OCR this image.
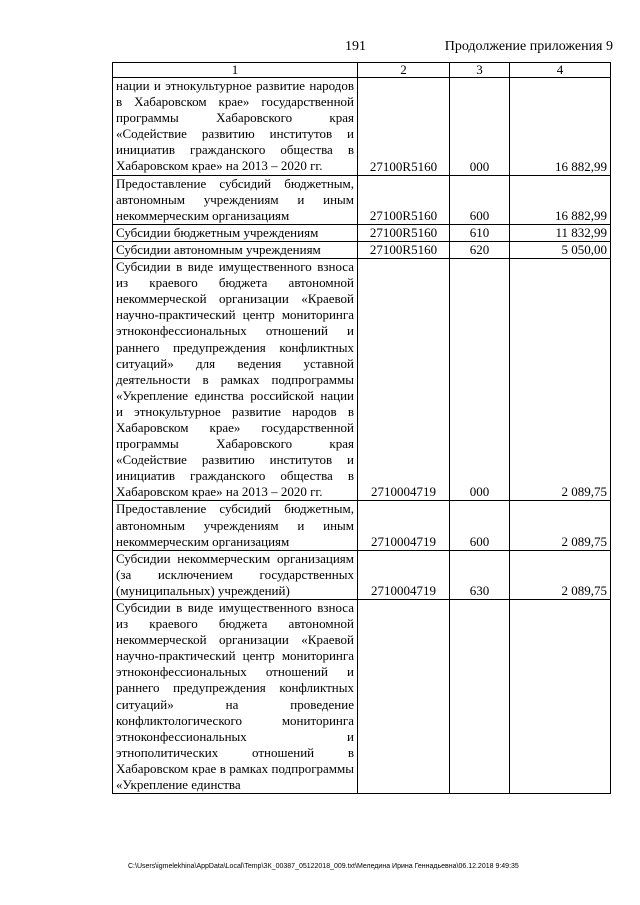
191	Продолжение приложения 9
1	2	3	4
нации и этнокультурное развитие народов в Хабаровском крае» государственной программы Хабаровского края «Содействие развитию институтов и инициатив гражданского общества в Хабаровском крае» на 2013 – 2020 гг.	27100R5160	000	16 882,99
Предоставление субсидий бюджетным, автономным учреждениям и иным некоммерческим организациям	27100R5160	600	16 882,99
Субсидии бюджетным учреждениям	27100R5160	610	11 832,99
Субсидии автономным учреждениям	27100R5160	620	5 050,00
Субсидии в виде имущественного взноса из краевого бюджета автономной некоммерческой организации «Краевой научно-практический центр мониторинга этноконфессиональных отношений и раннего предупреждения конфликтных ситуаций» для ведения уставной деятельности в рамках подпрограммы «Укрепление единства российской нации и этнокультурное развитие народов в Хабаровском крае» государственной программы Хабаровского края «Содействие развитию институтов и инициатив гражданского общества в Хабаровском крае» на 2013 – 2020 гг.	2710004719	000	2 089,75
Предоставление субсидий бюджетным, автономным учреждениям и иным некоммерческим организациям	2710004719	600	2 089,75
Субсидии некоммерческим организациям (за исключением государственных (муниципальных) учреждений)	2710004719	630	2 089,75
Субсидии в виде имущественного взноса из краевого бюджета автономной некоммерческой организации «Краевой научно-практический центр мониторинга этноконфессиональных отношений и раннего предупреждения конфликтных ситуаций» на проведение конфликтологического мониторинга этноконфессиональных и этнополитических отношений в Хабаровском крае в рамках подпрограммы «Укрепление единства			
C:\Users\igmelekhina\AppData\Local\Temp\ЗК_00387_05122018_009.txt\Меледина Ирина Геннадьевна\06.12.2018 9:49:35
